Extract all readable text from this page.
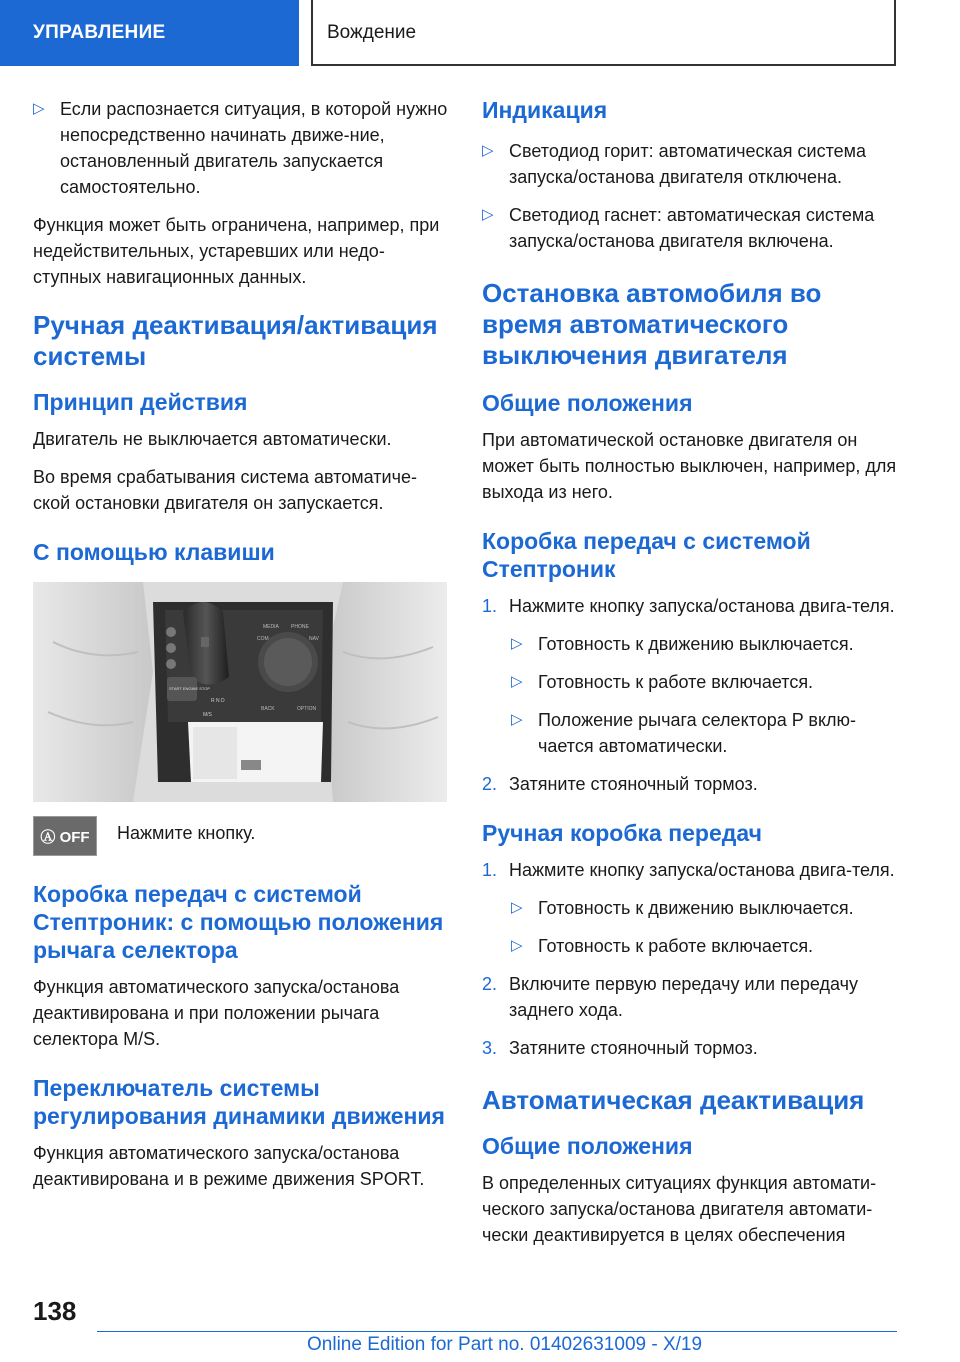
УПРАВЛЕНИЕ	Вождение
▷ Если распознается ситуация, в которой нужно непосредственно начинать движе-ние, остановленный двигатель запускается самостоятельно.

Функция может быть ограничена, например, при недействительных, устаревших или недо-ступных навигационных данных.

Ручная деактивация/активация системы
Принцип действия

Двигатель не выключается автоматически.

Во время срабатывания система автоматиче-ской остановки двигателя он запускается.

С помощью клавиши
MEDIA PHONE
COM	NAV
BACK	OPTION
START ENGINE STOP
R N D
M/S
Ⓐ OFF	Нажмите кнопку.
Коробка передач с системой Стептроник: с помощью положения рычага селектора

Функция автоматического запуска/останова деактивирована и при положении рычага селектора M/S.

Переключатель системы регулирования динамики движения

Функция автоматического запуска/останова деактивирована и в режиме движения SPORT.

Индикация
▷ Светодиод горит: автоматическая система запуска/останова двигателя отключена.
▷ Светодиод гаснет: автоматическая система запуска/останова двигателя включена.
Остановка автомобиля во время автоматического выключения двигателя
Общие положения

При автоматической остановке двигателя он может быть полностью выключен, например, для выхода из него.

Коробка передач с системой Стептроник
1. Нажмите кнопку запуска/останова двига-теля.
▷ Готовность к движению выключается.
▷ Готовность к работе включается.
▷ Положение рычага селектора P вклю-чается автоматически.
2. Затяните стояночный тормоз.
Ручная коробка передач
1. Нажмите кнопку запуска/останова двига-теля.
▷ Готовность к движению выключается.
▷ Готовность к работе включается.
2. Включите первую передачу или передачу заднего хода.
3. Затяните стояночный тормоз.
Автоматическая деактивация
Общие положения

В определенных ситуациях функция автомати-ческого запуска/останова двигателя автомати-чески деактивируется в целях обеспечения

138
Online Edition for Part no. 01402631009 - X/19
